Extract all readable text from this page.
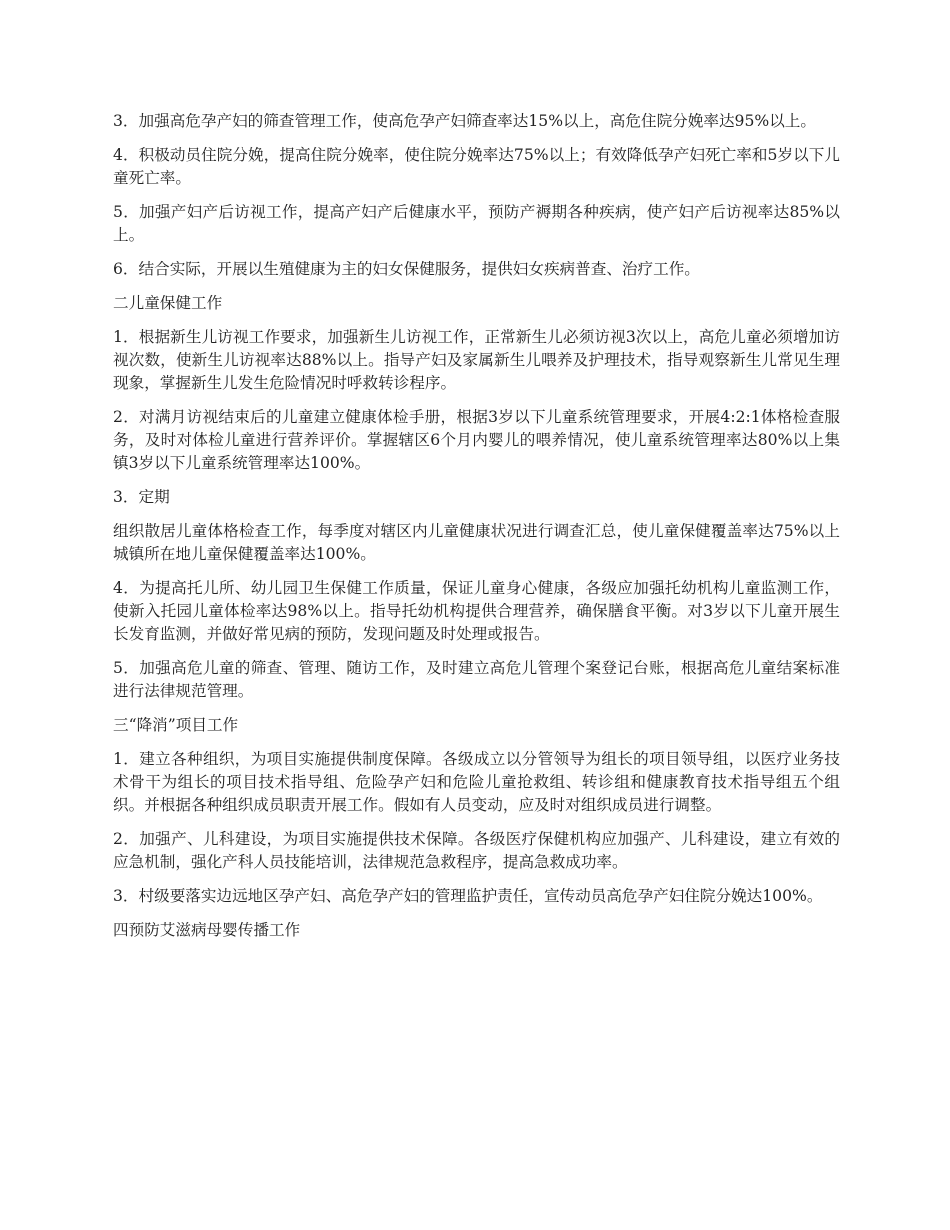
3．加强高危孕产妇的筛查管理工作，使高危孕产妇筛查率达15%以上，高危住院分娩率达95%以上。

4．积极动员住院分娩，提高住院分娩率，使住院分娩率达75%以上；有效降低孕产妇死亡率和5岁以下儿童死亡率。

5．加强产妇产后访视工作，提高产妇产后健康水平，预防产褥期各种疾病，使产妇产后访视率达85%以上。

6．结合实际，开展以生殖健康为主的妇女保健服务，提供妇女疾病普查、治疗工作。

二儿童保健工作

1．根据新生儿访视工作要求，加强新生儿访视工作，正常新生儿必须访视3次以上，高危儿童必须增加访视次数，使新生儿访视率达88%以上。指导产妇及家属新生儿喂养及护理技术，指导观察新生儿常见生理现象，掌握新生儿发生危险情况时呼救转诊程序。

2．对满月访视结束后的儿童建立健康体检手册，根据3岁以下儿童系统管理要求，开展4:2:1体格检查服务，及时对体检儿童进行营养评价。掌握辖区6个月内婴儿的喂养情况，使儿童系统管理率达80%以上集镇3岁以下儿童系统管理率达100%。

3．定期

组织散居儿童体格检查工作，每季度对辖区内儿童健康状况进行调查汇总，使儿童保健覆盖率达75%以上城镇所在地儿童保健覆盖率达100%。

4．为提高托儿所、幼儿园卫生保健工作质量，保证儿童身心健康，各级应加强托幼机构儿童监测工作，使新入托园儿童体检率达98%以上。指导托幼机构提供合理营养，确保膳食平衡。对3岁以下儿童开展生长发育监测，并做好常见病的预防，发现问题及时处理或报告。

5．加强高危儿童的筛查、管理、随访工作，及时建立高危儿管理个案登记台账，根据高危儿童结案标准进行法律规范管理。

三“降消”项目工作

1．建立各种组织，为项目实施提供制度保障。各级成立以分管领导为组长的项目领导组，以医疗业务技术骨干为组长的项目技术指导组、危险孕产妇和危险儿童抢救组、转诊组和健康教育技术指导组五个组织。并根据各种组织成员职责开展工作。假如有人员变动，应及时对组织成员进行调整。

2．加强产、儿科建设，为项目实施提供技术保障。各级医疗保健机构应加强产、儿科建设，建立有效的应急机制，强化产科人员技能培训，法律规范急救程序，提高急救成功率。

3．村级要落实边远地区孕产妇、高危孕产妇的管理监护责任，宣传动员高危孕产妇住院分娩达100%。

四预防艾滋病母婴传播工作
